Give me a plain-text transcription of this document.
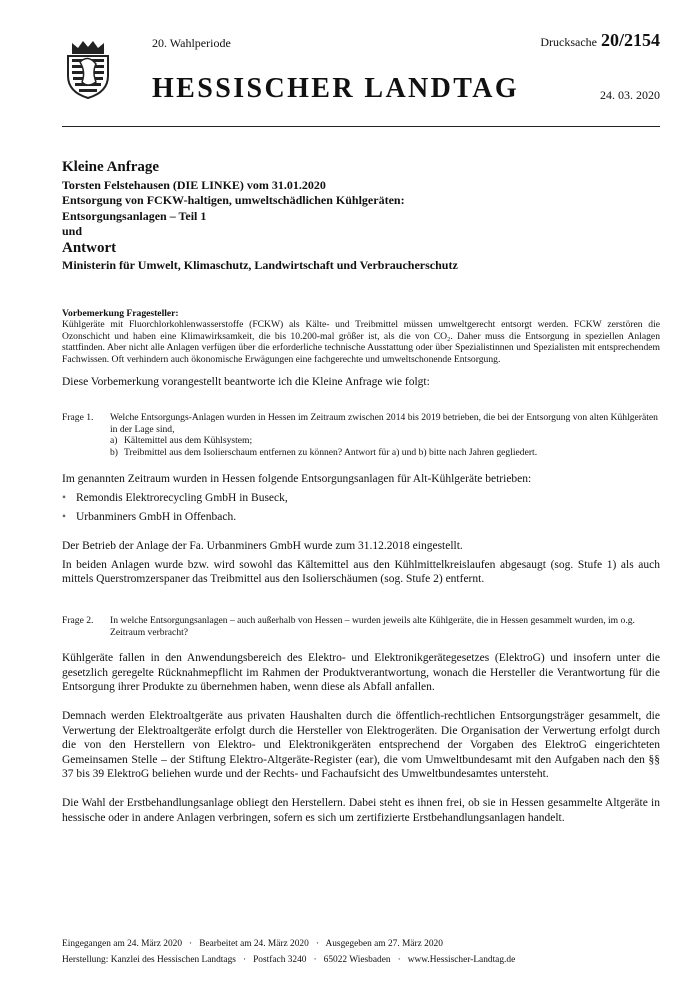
20. Wahlperiode	Drucksache 20/2154
HESSISCHER LANDTAG	24. 03. 2020

Kleine Anfrage

Torsten Felstehausen (DIE LINKE) vom 31.01.2020

Entsorgung von FCKW-haltigen, umweltschädlichen Kühlgeräten:

Entsorgungsanlagen – Teil 1

und

Antwort

Ministerin für Umwelt, Klimaschutz, Landwirtschaft und Verbraucherschutz

Vorbemerkung Fragesteller:

Kühlgeräte mit Fluorchlorkohlenwasserstoffe (FCKW) als Kälte- und Treibmittel müssen umweltgerecht entsorgt werden. FCKW zerstören die Ozonschicht und haben eine Klimawirksamkeit, die bis 10.200-mal größer ist, als die von CO₂. Daher muss die Entsorgung in speziellen Anlagen stattfinden. Aber nicht alle Anlagen verfügen über die erforderliche technische Ausstattung oder über Spezialistinnen und Spezialisten mit entsprechendem Fachwissen. Oft verhindern auch ökonomische Erwägungen eine fachgerechte und umweltschonende Entsorgung.

Diese Vorbemerkung vorangestellt beantworte ich die Kleine Anfrage wie folgt:

Frage 1.	Welche Entsorgungs-Anlagen wurden in Hessen im Zeitraum zwischen 2014 bis 2019 betrieben, die bei der Entsorgung von alten Kühlgeräten in der Lage sind,
a) Kältemittel aus dem Kühlsystem;
b) Treibmittel aus dem Isolierschaum entfernen zu können? Antwort für a) und b) bitte nach Jahren gegliedert.

Im genannten Zeitraum wurden in Hessen folgende Entsorgungsanlagen für Alt-Kühlgeräte betrieben:

• Remondis Elektrorecycling GmbH in Buseck,
• Urbanminers GmbH in Offenbach.

Der Betrieb der Anlage der Fa. Urbanminers GmbH wurde zum 31.12.2018 eingestellt.

In beiden Anlagen wurde bzw. wird sowohl das Kältemittel aus den Kühlmittelkreislaufen abgesaugt (sog. Stufe 1) als auch mittels Querstromzerspaner das Treibmittel aus den Isolierschäumen (sog. Stufe 2) entfernt.

Frage 2.	In welche Entsorgungsanlagen – auch außerhalb von Hessen – wurden jeweils alte Kühlgeräte, die in Hessen gesammelt wurden, im o.g. Zeitraum verbracht?

Kühlgeräte fallen in den Anwendungsbereich des Elektro- und Elektronikgerätegesetzes (ElektroG) und insofern unter die gesetzlich geregelte Rücknahmepflicht im Rahmen der Produktverantwortung, wonach die Hersteller die Verantwortung für die Entsorgung ihrer Produkte zu übernehmen haben, wenn diese als Abfall anfallen.

Demnach werden Elektroaltgeräte aus privaten Haushalten durch die öffentlich-rechtlichen Entsorgungsträger gesammelt, die Verwertung der Elektroaltgeräte erfolgt durch die Hersteller von Elektrogeräten. Die Organisation der Verwertung erfolgt durch die von den Herstellern von Elektro- und Elektronikgeräten entsprechend der Vorgaben des ElektroG eingerichteten Gemeinsamen Stelle – der Stiftung Elektro-Altgeräte-Register (ear), die vom Umweltbundesamt mit den Aufgaben nach den §§ 37 bis 39 ElektroG beliehen wurde und der Rechts- und Fachaufsicht des Umweltbundesamtes untersteht.

Die Wahl der Erstbehandlungsanlage obliegt den Herstellern. Dabei steht es ihnen frei, ob sie in Hessen gesammelte Altgeräte in hessische oder in andere Anlagen verbringen, sofern es sich um zertifizierte Erstbehandlungsanlagen handelt.

Eingegangen am 24. März 2020   ·   Bearbeitet am 24. März 2020   ·   Ausgegeben am 27. März 2020
Herstellung: Kanzlei des Hessischen Landtags   ·   Postfach 3240   ·   65022 Wiesbaden   ·   www.Hessischer-Landtag.de
